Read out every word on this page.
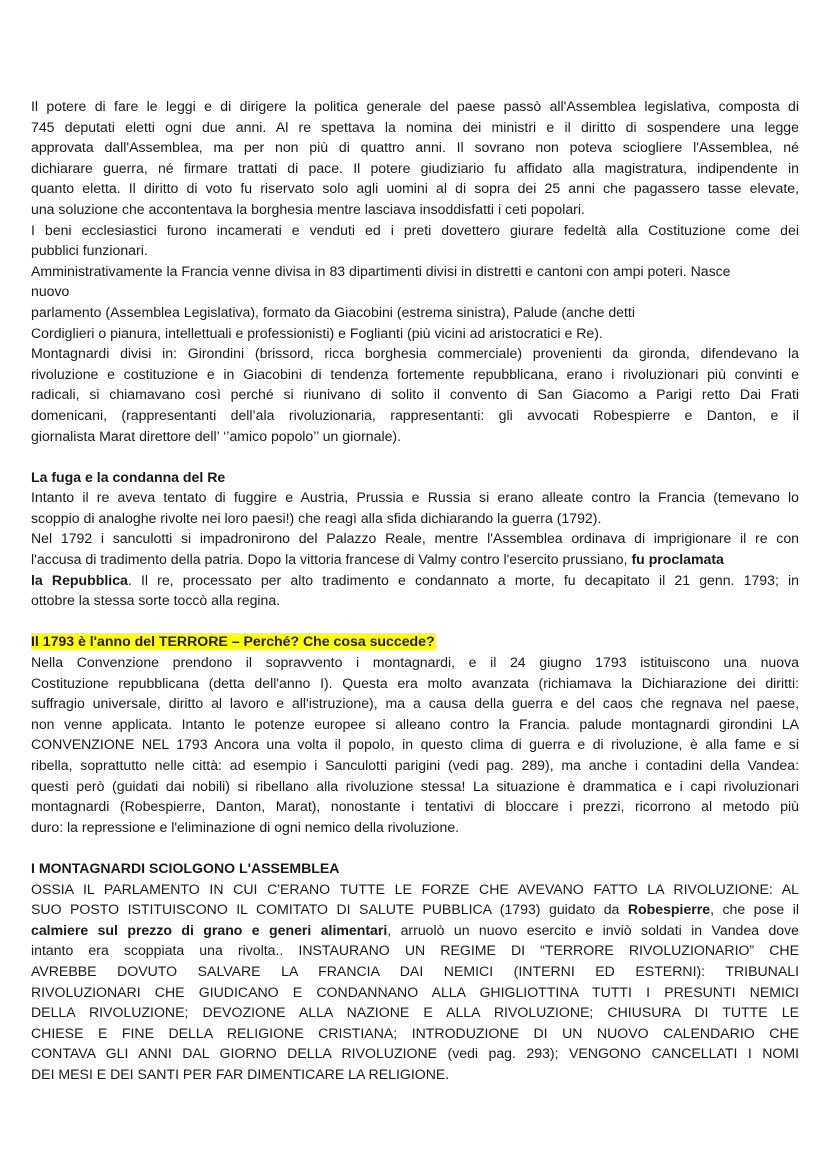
Il potere di fare le leggi e di dirigere la politica generale del paese passò all'Assemblea legislativa, composta di
745 deputati eletti ogni due anni. Al re spettava la nomina dei ministri e il diritto di sospendere una legge
approvata dall'Assemblea, ma per non più di quattro anni. Il sovrano non poteva sciogliere l'Assemblea, né
dichiarare guerra, né firmare trattati di pace. Il potere giudiziario fu affidato alla magistratura, indipendente in
quanto eletta. Il diritto di voto fu riservato solo agli uomini al di sopra dei 25 anni che pagassero tasse elevate,
una soluzione che accontentava la borghesia mentre lasciava insoddisfatti i ceti popolari.
I beni ecclesiastici furono incamerati e venduti ed i preti dovettero giurare fedeltà alla Costituzione come dei
pubblici funzionari.
Amministrativamente la Francia venne divisa in 83 dipartimenti divisi in distretti e cantoni con ampi poteri. Nasce
nuovo
parlamento (Assemblea Legislativa), formato da Giacobini (estrema sinistra), Palude (anche detti
Cordiglieri o pianura, intellettuali e professionisti) e Foglianti (più vicini ad aristocratici e Re).
Montagnardi divisi in: Girondini (brissord, ricca borghesia commerciale) provenienti da gironda, difendevano la
rivoluzione e costituzione e in Giacobini di tendenza fortemente repubblicana, erano i rivoluzionari più convinti e
radicali, si chiamavano così perché si riunivano di solito il convento di San Giacomo a Parigi retto Dai Frati
domenicani, (rappresentanti dell’ala rivoluzionaria, rappresentanti: gli avvocati Robespierre e Danton, e il
giornalista Marat direttore dell’ ‘’amico popolo’’ un giornale).
La fuga e la condanna del Re
Intanto il re aveva tentato di fuggire e Austria, Prussia e Russia si erano alleate contro la Francia (temevano lo
scoppio di analoghe rivolte nei loro paesi!) che reagì alla sfida dichiarando la guerra (1792).
Nel 1792 i sanculotti si impadronirono del Palazzo Reale, mentre l'Assemblea ordinava di imprigionare il re con
l'accusa di tradimento della patria. Dopo la vittoria francese di Valmy contro l'esercito prussiano, fu proclamata
la Repubblica. Il re, processato per alto tradimento e condannato a morte, fu decapitato il 21 genn. 1793; in
ottobre la stessa sorte toccò alla regina.
Il 1793 è l'anno del TERRORE – Perché? Che cosa succede?
Nella Convenzione prendono il sopravvento i montagnardi, e il 24 giugno 1793 istituiscono una nuova
Costituzione repubblicana (detta dell'anno I). Questa era molto avanzata (richiamava la Dichiarazione dei diritti:
suffragio universale, diritto al lavoro e all'istruzione), ma a causa della guerra e del caos che regnava nel paese,
non venne applicata. Intanto le potenze europee si alleano contro la Francia. palude montagnardi girondini LA
CONVENZIONE NEL 1793 Ancora una volta il popolo, in questo clima di guerra e di rivoluzione, è alla fame e si
ribella, soprattutto nelle città: ad esempio i Sanculotti parigini (vedi pag. 289), ma anche i contadini della Vandea:
questi però (guidati dai nobili) si ribellano alla rivoluzione stessa! La situazione è drammatica e i capi rivoluzionari
montagnardi (Robespierre, Danton, Marat), nonostante i tentativi di bloccare i prezzi, ricorrono al metodo più
duro: la repressione e l'eliminazione di ogni nemico della rivoluzione.
I MONTAGNARDI SCIOLGONO L'ASSEMBLEA
OSSIA IL PARLAMENTO IN CUI C'ERANO TUTTE LE FORZE CHE AVEVANO FATTO LA RIVOLUZIONE: AL
SUO POSTO ISTITUISCONO IL COMITATO DI SALUTE PUBBLICA (1793) guidato da Robespierre, che pose il
calmiere sul prezzo di grano e generi alimentari, arruolò un nuovo esercito e inviò soldati in Vandea dove
intanto era scoppiata una rivolta.. INSTAURANO UN REGIME DI “TERRORE RIVOLUZIONARIO” CHE
AVREBBE DOVUTO SALVARE LA FRANCIA DAI NEMICI (INTERNI ED ESTERNI): TRIBUNALI
RIVOLUZIONARI CHE GIUDICANO E CONDANNANO ALLA GHIGLIOTTINA TUTTI I PRESUNTI NEMICI
DELLA RIVOLUZIONE; DEVOZIONE ALLA NAZIONE E ALLA RIVOLUZIONE; CHIUSURA DI TUTTE LE
CHIESE E FINE DELLA RELIGIONE CRISTIANA; INTRODUZIONE DI UN NUOVO CALENDARIO CHE
CONTAVA GLI ANNI DAL GIORNO DELLA RIVOLUZIONE (vedi pag. 293); VENGONO CANCELLATI I NOMI
DEI MESI E DEI SANTI PER FAR DIMENTICARE LA RELIGIONE.
